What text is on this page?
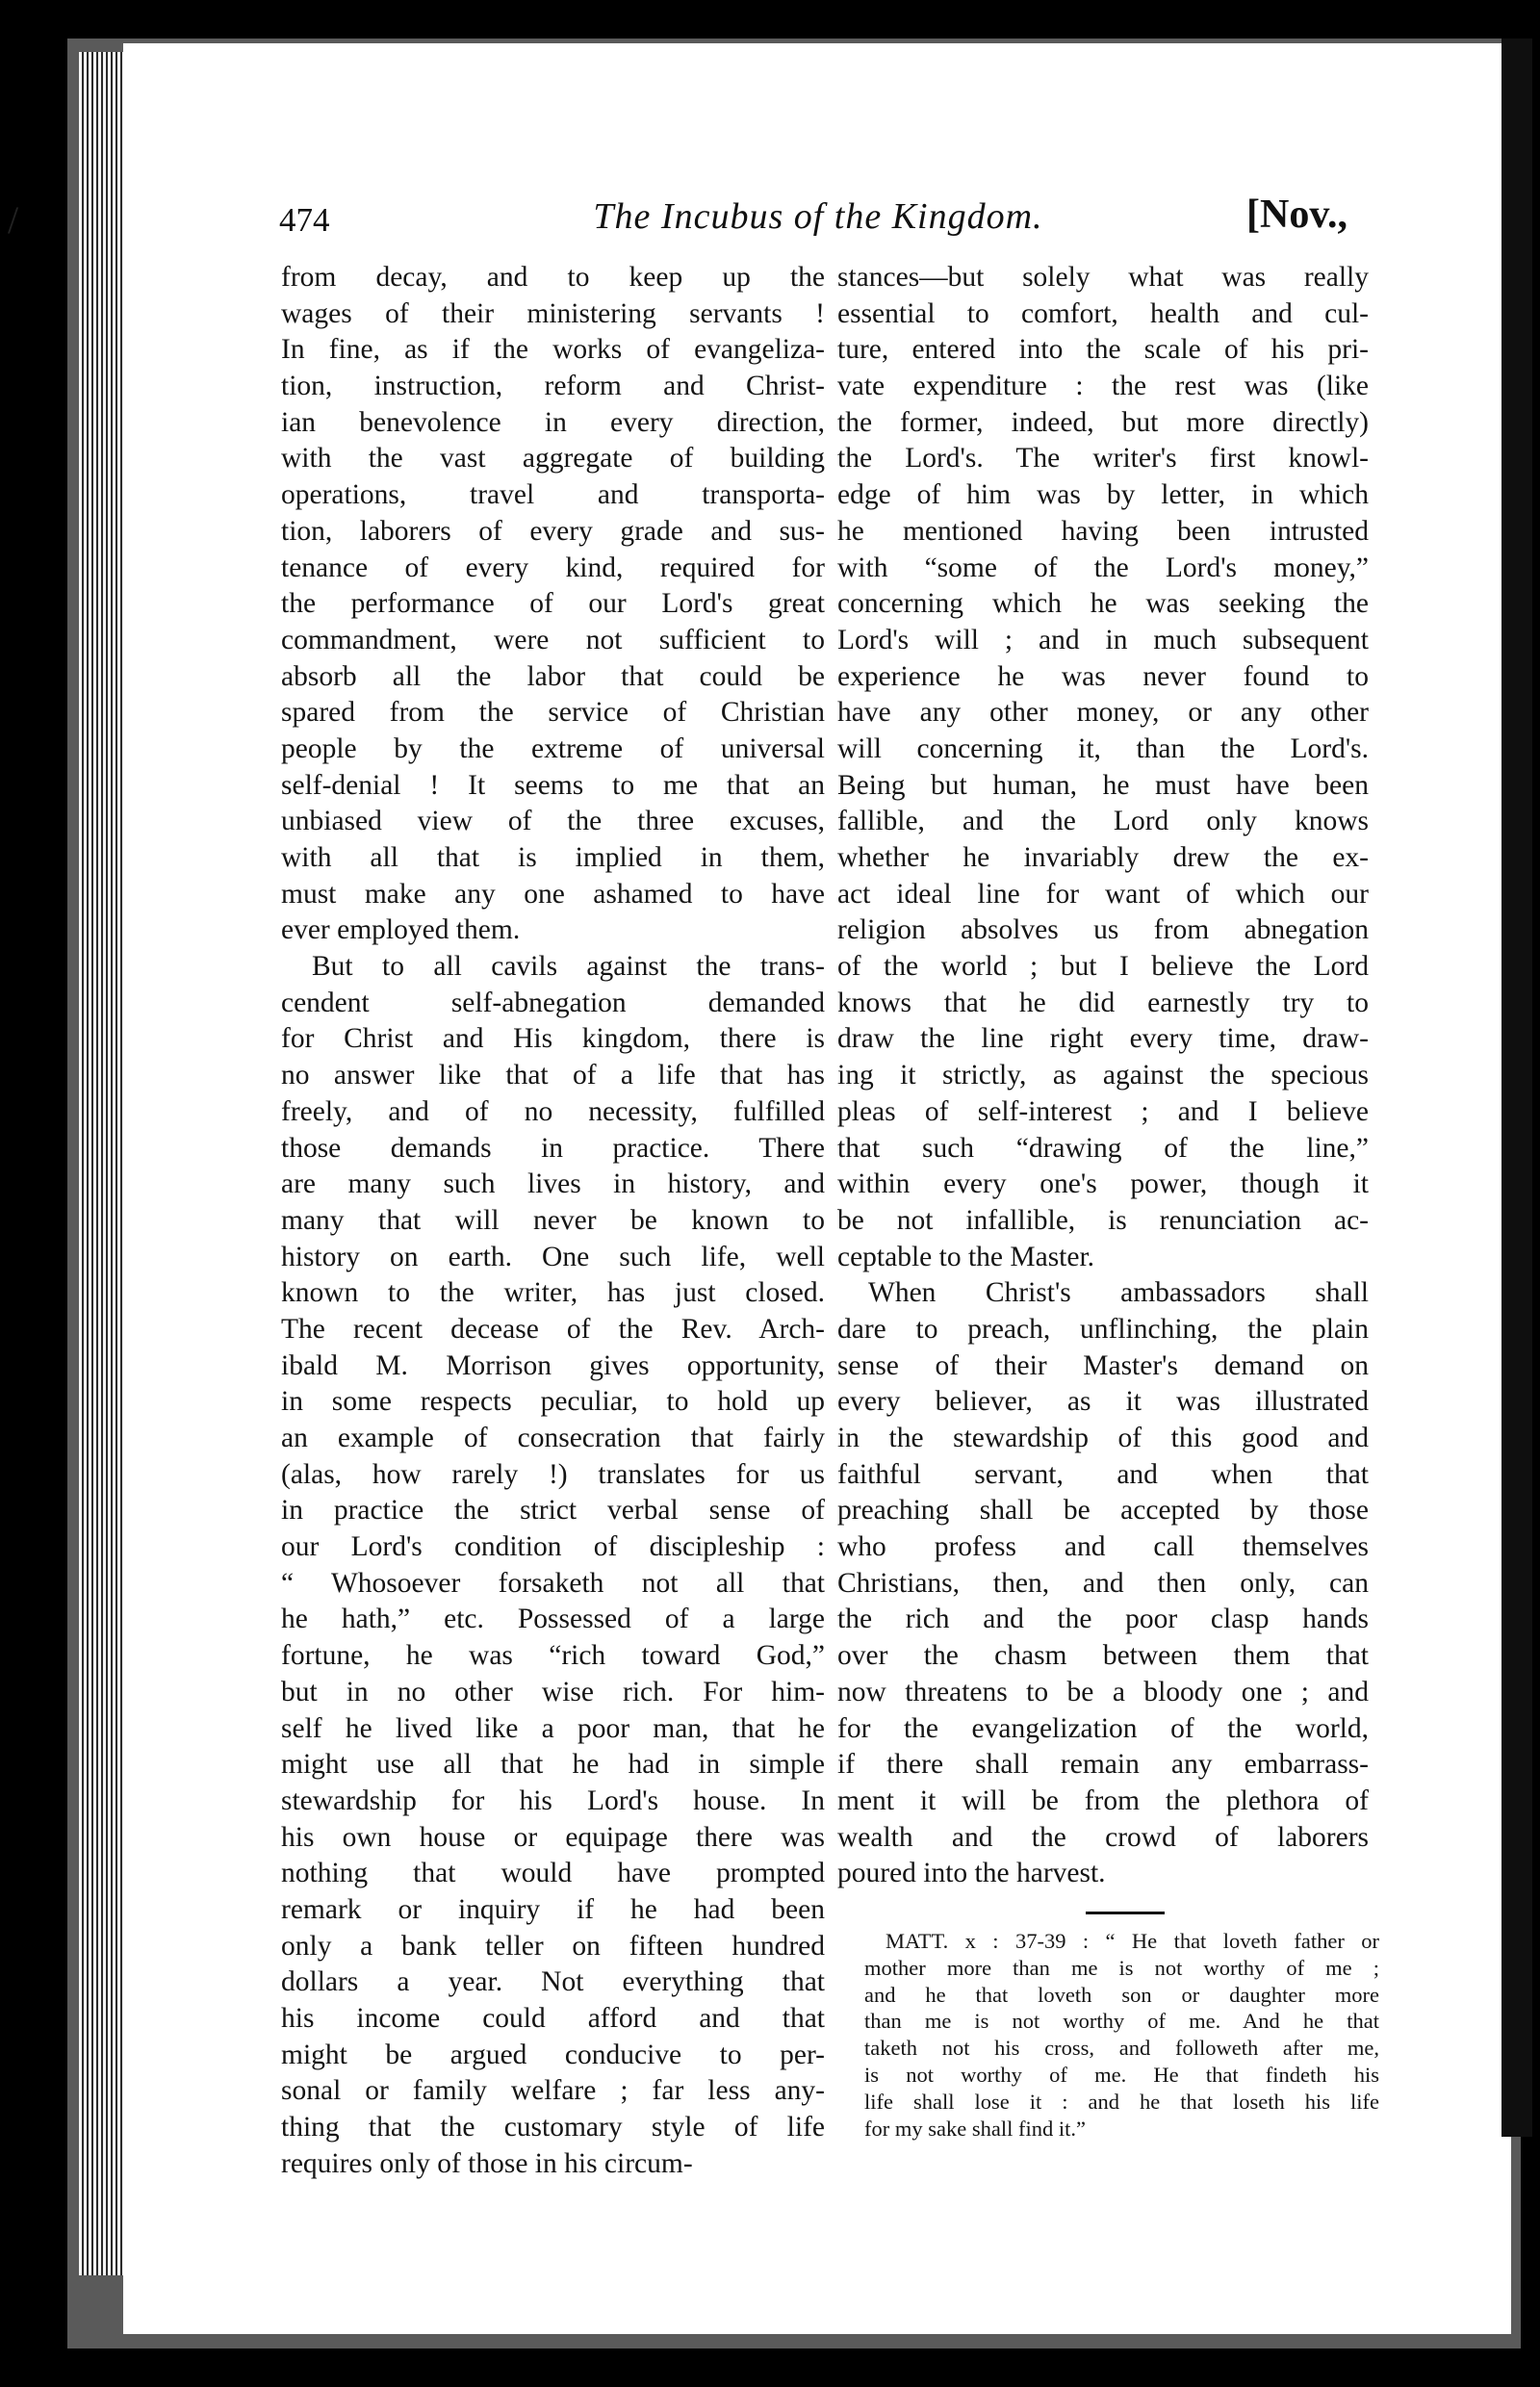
474	The Incubus of the Kingdom.	[Nov.,
from decay, and to keep up the
wages of their ministering servants !
In fine, as if the works of evangeliza-
tion, instruction, reform and Christ-
ian benevolence in every direction,
with the vast aggregate of building
operations, travel and transporta-
tion, laborers of every grade and sus-
tenance of every kind, required for
the performance of our Lord's great
commandment, were not sufficient to
absorb all the labor that could be
spared from the service of Christian
people by the extreme of universal
self-denial ! It seems to me that an
unbiased view of the three excuses,
with all that is implied in them,
must make any one ashamed to have
ever employed them.
But to all cavils against the trans-
cendent self-abnegation demanded
for Christ and His kingdom, there is
no answer like that of a life that has
freely, and of no necessity, fulfilled
those demands in practice. There
are many such lives in history, and
many that will never be known to
history on earth. One such life, well
known to the writer, has just closed.
The recent decease of the Rev. Arch-
ibald M. Morrison gives opportunity,
in some respects peculiar, to hold up
an example of consecration that fairly
(alas, how rarely !) translates for us
in practice the strict verbal sense of
our Lord's condition of discipleship :
“ Whosoever forsaketh not all that
he hath,” etc. Possessed of a large
fortune, he was “rich toward God,”
but in no other wise rich. For him-
self he lived like a poor man, that he
might use all that he had in simple
stewardship for his Lord's house. In
his own house or equipage there was
nothing that would have prompted
remark or inquiry if he had been
only a bank teller on fifteen hundred
dollars a year. Not everything that
his income could afford and that
might be argued conducive to per-
sonal or family welfare ; far less any-
thing that the customary style of life
requires only of those in his circum-
stances—but solely what was really
essential to comfort, health and cul-
ture, entered into the scale of his pri-
vate expenditure : the rest was (like
the former, indeed, but more directly)
the Lord's. The writer's first knowl-
edge of him was by letter, in which
he mentioned having been intrusted
with “some of the Lord's money,”
concerning which he was seeking the
Lord's will ; and in much subsequent
experience he was never found to
have any other money, or any other
will concerning it, than the Lord's.
Being but human, he must have been
fallible, and the Lord only knows
whether he invariably drew the ex-
act ideal line for want of which our
religion absolves us from abnegation
of the world ; but I believe the Lord
knows that he did earnestly try to
draw the line right every time, draw-
ing it strictly, as against the specious
pleas of self-interest ; and I believe
that such “drawing of the line,”
within every one's power, though it
be not infallible, is renunciation ac-
ceptable to the Master.
When Christ's ambassadors shall
dare to preach, unflinching, the plain
sense of their Master's demand on
every believer, as it was illustrated
in the stewardship of this good and
faithful servant, and when that
preaching shall be accepted by those
who profess and call themselves
Christians, then, and then only, can
the rich and the poor clasp hands
over the chasm between them that
now threatens to be a bloody one ; and
for the evangelization of the world,
if there shall remain any embarrass-
ment it will be from the plethora of
wealth and the crowd of laborers
poured into the harvest.
MATT. x : 37-39 : “ He that loveth father or
mother more than me is not worthy of me ;
and he that loveth son or daughter more
than me is not worthy of me. And he that
taketh not his cross, and followeth after me,
is not worthy of me. He that findeth his
life shall lose it : and he that loseth his life
for my sake shall find it.”
/
